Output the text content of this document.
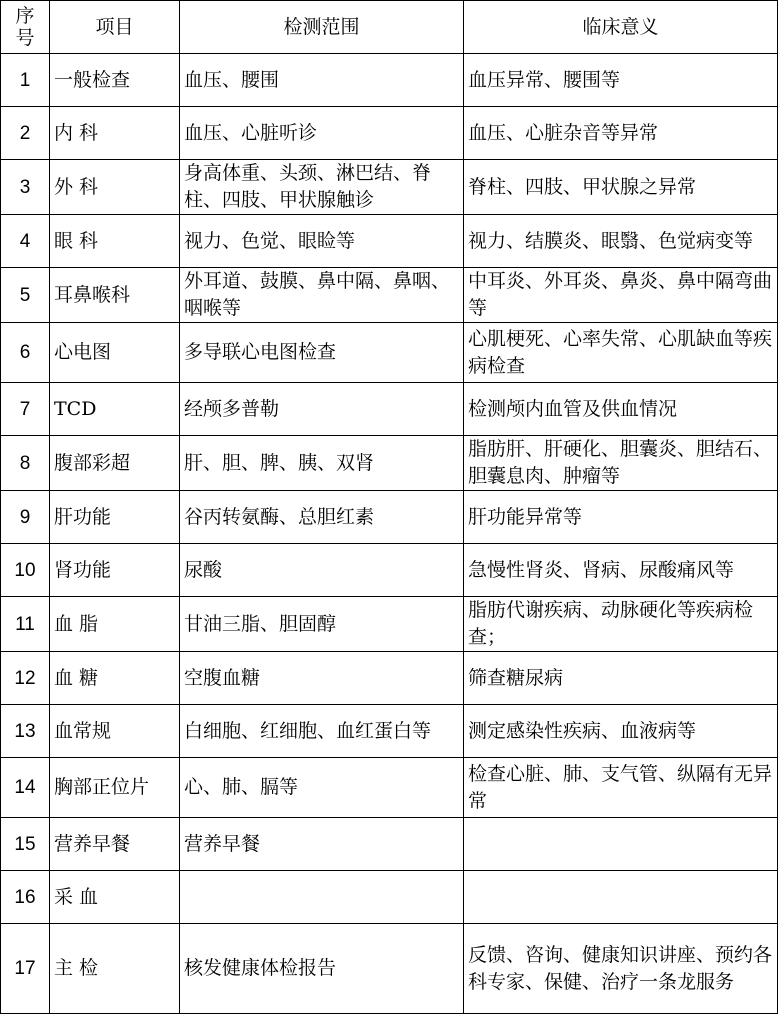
序号	项目	检测范围	临床意义
1	一般检查	血压、腰围	血压异常、腰围等
2	内 科	血压、心脏听诊	血压、心脏杂音等异常
3	外 科	身高体重、头颈、淋巴结、脊柱、四肢、甲状腺触诊	脊柱、四肢、甲状腺之异常
4	眼 科	视力、色觉、眼睑等	视力、结膜炎、眼翳、色觉病变等
5	耳鼻喉科	外耳道、鼓膜、鼻中隔、鼻咽、咽喉等	中耳炎、外耳炎、鼻炎、鼻中隔弯曲等
6	心电图	多导联心电图检查	心肌梗死、心率失常、心肌缺血等疾病检查
7	TCD	经颅多普勒	检测颅内血管及供血情况
8	腹部彩超	肝、胆、脾、胰、双肾	脂肪肝、肝硬化、胆囊炎、胆结石、胆囊息肉、肿瘤等
9	肝功能	谷丙转氨酶、总胆红素	肝功能异常等
10	肾功能	尿酸	急慢性肾炎、肾病、尿酸痛风等
11	血 脂	甘油三脂、胆固醇	脂肪代谢疾病、动脉硬化等疾病检查；
12	血 糖	空腹血糖	筛查糖尿病
13	血常规	白细胞、红细胞、血红蛋白等	测定感染性疾病、血液病等
14	胸部正位片	心、肺、膈等	检查心脏、肺、支气管、纵隔有无异常
15	营养早餐	营养早餐	
16	采 血		
17	主 检	核发健康体检报告	反馈、咨询、健康知识讲座、预约各科专家、保健、治疗一条龙服务
